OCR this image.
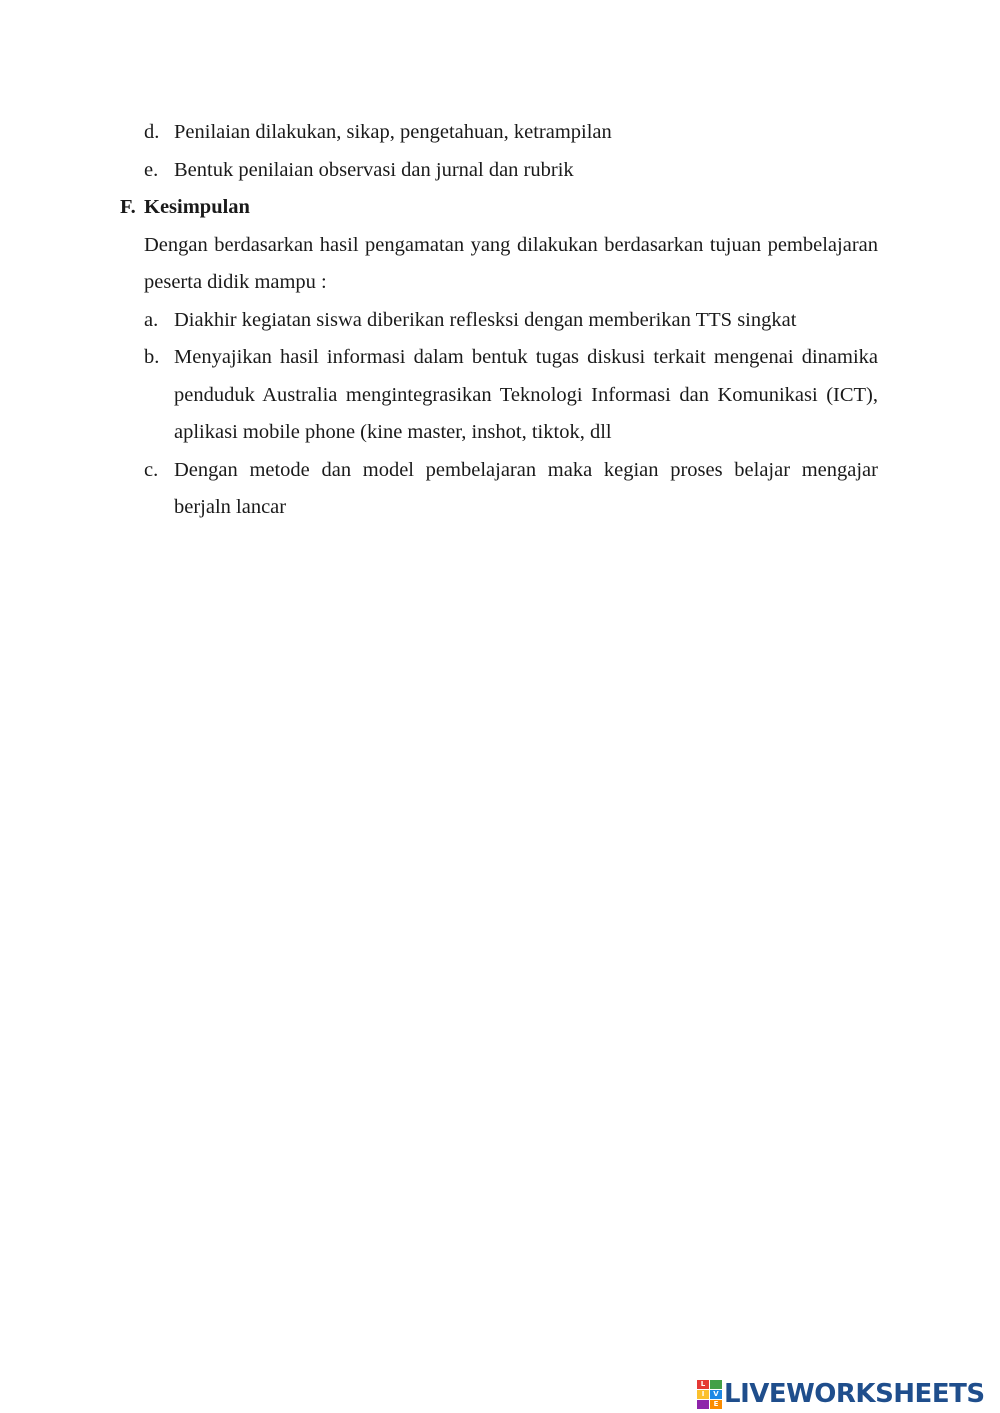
d. Penilaian dilakukan, sikap, pengetahuan, ketrampilan
e. Bentuk penilaian observasi dan jurnal dan rubrik
F. Kesimpulan
Dengan berdasarkan hasil pengamatan yang dilakukan berdasarkan tujuan pembelajaran peserta didik mampu :
a. Diakhir kegiatan siswa diberikan reflesksi dengan memberikan TTS singkat
b. Menyajikan hasil informasi dalam bentuk tugas diskusi terkait mengenai dinamika penduduk Australia mengintegrasikan Teknologi Informasi dan Komunikasi (ICT), aplikasi mobile phone (kine master, inshot, tiktok, dll
c. Dengan metode dan model pembelajaran maka kegian proses belajar mengajar berjaln lancar
L
I	V
E LIVEWORKSHEETS
